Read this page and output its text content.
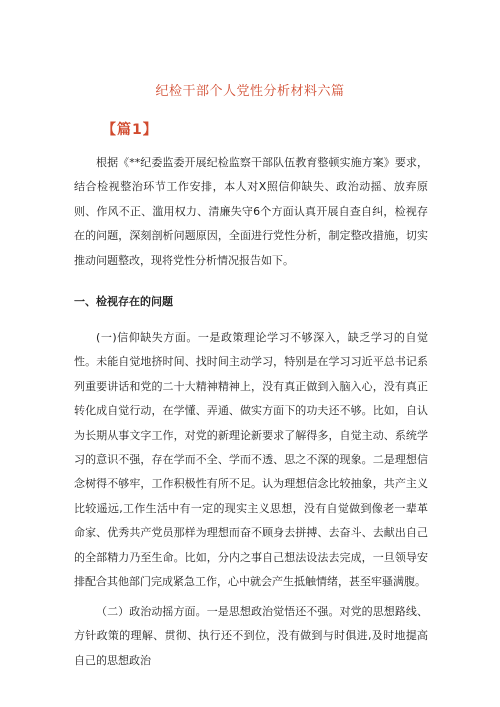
纪检干部个人党性分析材料六篇
【篇1】

根据《**纪委监委开展纪检监察干部队伍教育整顿实施方案》要求，结合检视整治环节工作安排，本人对X照信仰缺失、政治动摇、放弃原则、作风不正、滥用权力、清廉失守6个方面认真开展自查自纠，检视存在的问题，深刻剖析问题原因，全面进行党性分析，制定整改措施，切实推动问题整改，现将党性分析情况报告如下。

一、检视存在的问题

(一)信仰缺失方面。一是政策理论学习不够深入，缺乏学习的自觉性。未能自觉地挤时间、找时间主动学习，特别是在学习习近平总书记系列重要讲话和党的二十大精神精神上，没有真正做到入脑入心，没有真正转化成自觉行动，在学懂、弄通、做实方面下的功夫还不够。比如，自认为长期从事文字工作，对党的新理论新要求了解得多，自觉主动、系统学习的意识不强，存在学而不全、学而不透、思之不深的现象。二是理想信念树得不够牢，工作积极性有所不足。认为理想信念比较抽象，共产主义比较遥远,工作生活中有一定的现实主义思想，没有自觉做到像老一辈革命家、优秀共产党员那样为理想而奋不顾身去拼搏、去奋斗、去献出自己的全部精力乃至生命。比如，分内之事自己想法设法去完成，一旦领导安排配合其他部门完成紧急工作，心中就会产生抵触情绪，甚至牢骚满腹。

（二）政治动摇方面。一是思想政治觉悟还不强。对党的思想路线、方针政策的理解、贯彻、执行还不到位，没有做到与时俱进,及时地提高自己的思想政治
